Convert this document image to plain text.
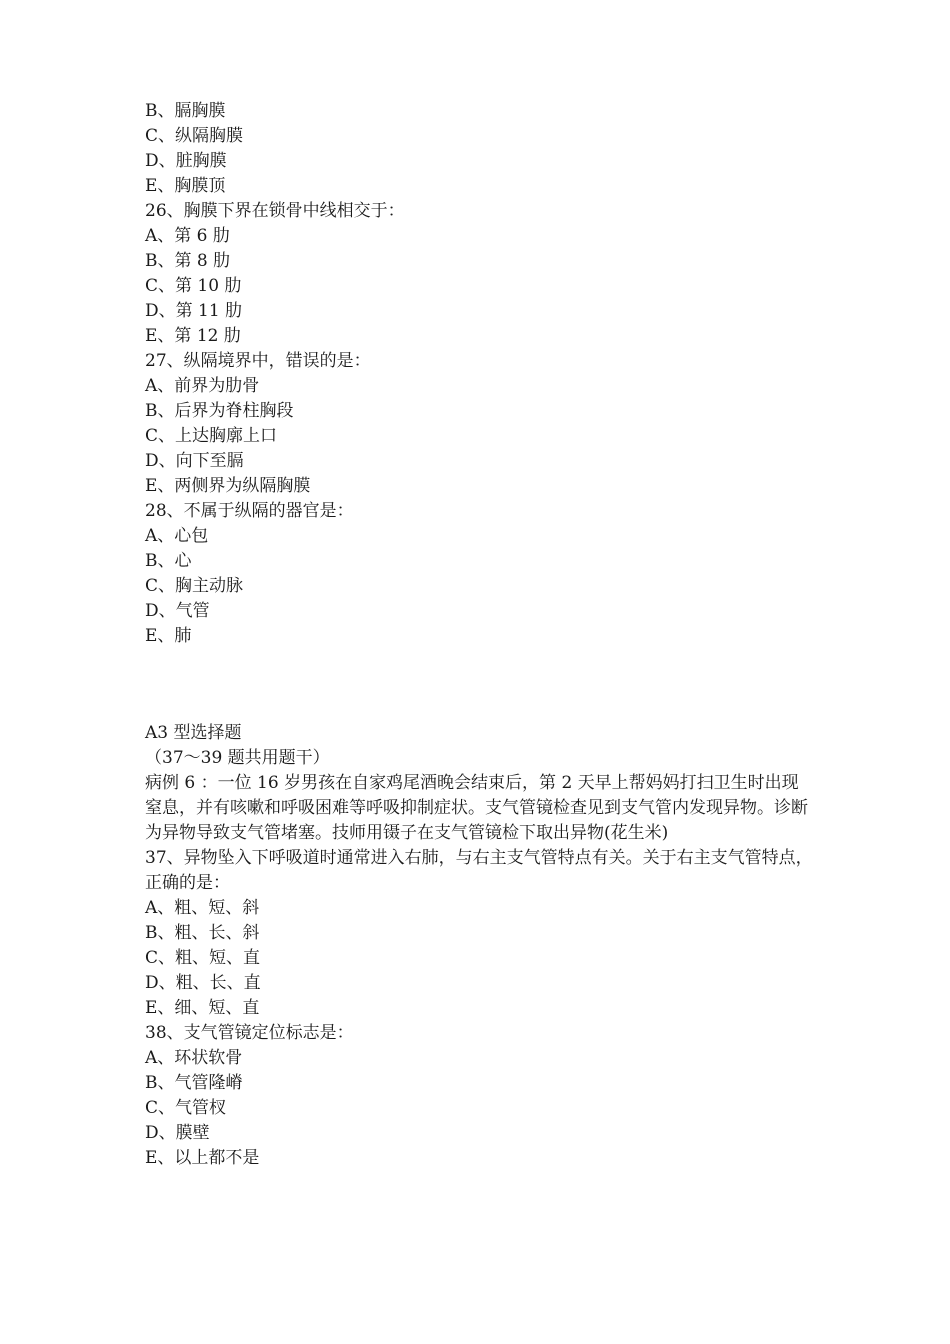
B、膈胸膜
C、纵隔胸膜
D、脏胸膜
E、胸膜顶
26、胸膜下界在锁骨中线相交于：
A、第 6 肋
B、第 8 肋
C、第 10 肋
D、第 11 肋
E、第 12 肋
27、纵隔境界中，错误的是：
A、前界为肋骨
B、后界为脊柱胸段
C、上达胸廓上口
D、向下至膈
E、两侧界为纵隔胸膜
28、不属于纵隔的器官是：
A、心包
B、心
C、胸主动脉
D、气管
E、肺
A3 型选择题
（37～39 题共用题干）
病例 6 ：一位 16 岁男孩在自家鸡尾酒晚会结束后，第 2 天早上帮妈妈打扫卫生时出现窒息，并有咳嗽和呼吸困难等呼吸抑制症状。支气管镜检查见到支气管内发现异物。诊断为异物导致支气管堵塞。技师用镊子在支气管镜检下取出异物(花生米)
37、异物坠入下呼吸道时通常进入右肺，与右主支气管特点有关。关于右主支气管特点，正确的是：
A、粗、短、斜
B、粗、长、斜
C、粗、短、直
D、粗、长、直
E、细、短、直
38、支气管镜定位标志是：
A、环状软骨
B、气管隆嵴
C、气管杈
D、膜壁
E、以上都不是
